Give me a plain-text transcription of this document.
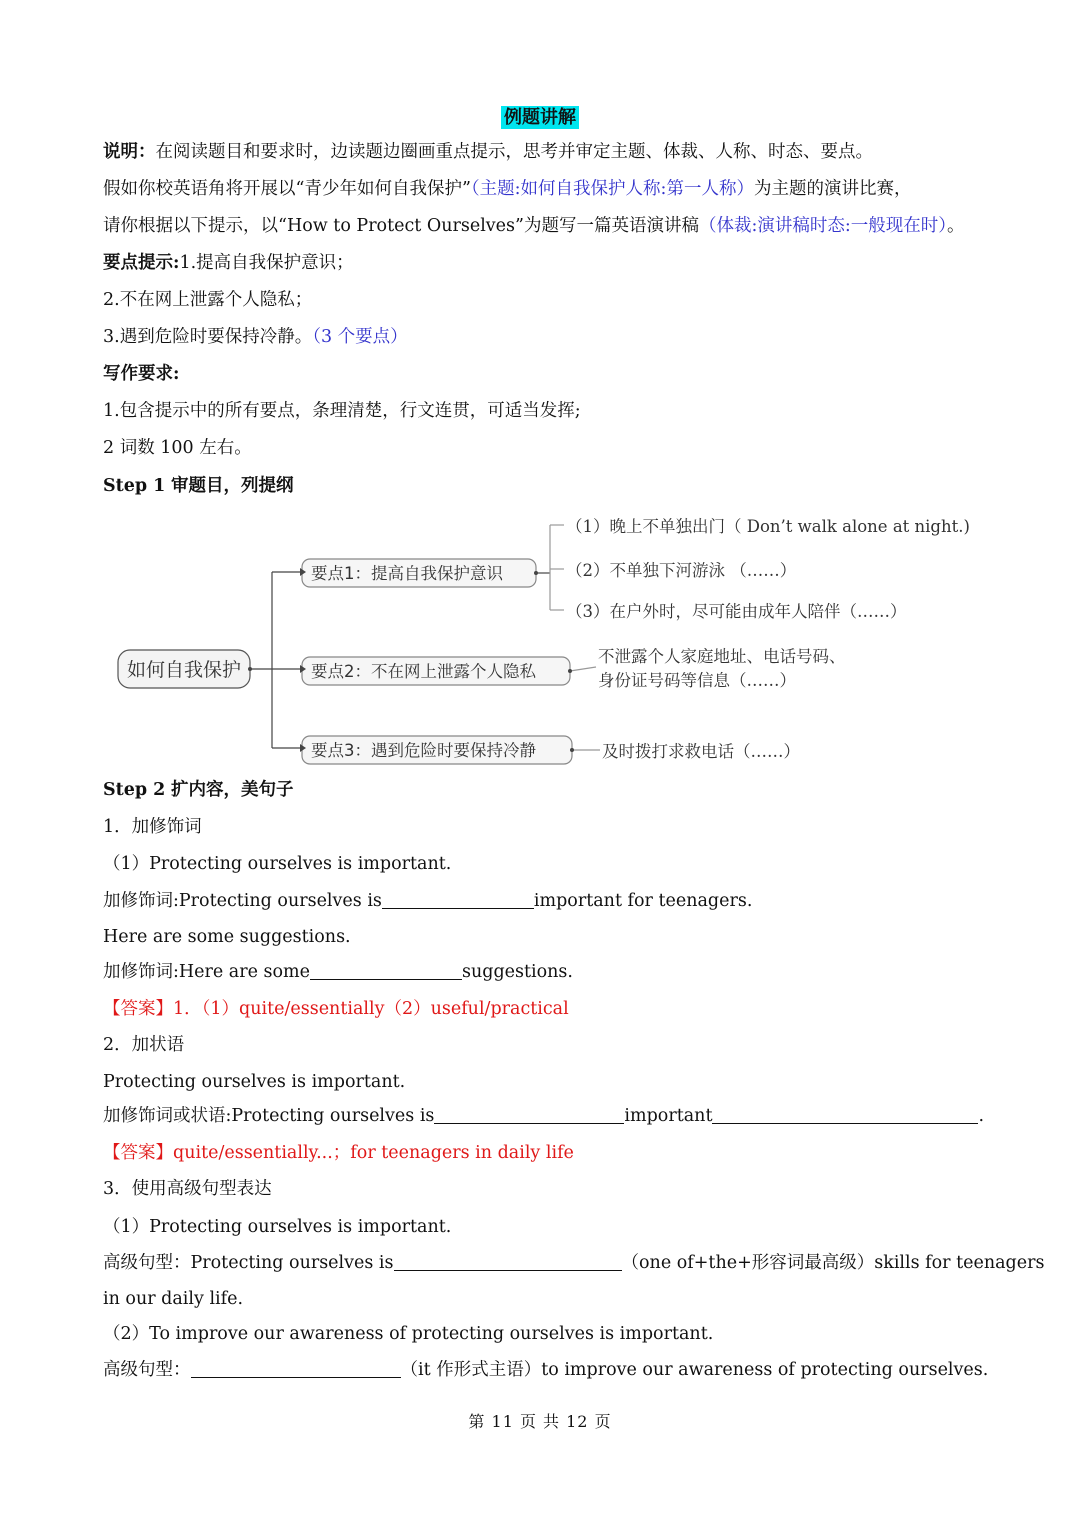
例题讲解
说明：在阅读题目和要求时，边读题边圈画重点提示，思考并审定主题、体裁、人称、时态、要点。
假如你校英语角将开展以“青少年如何自我保护”（主题:如何自我保护人称:第一人称）为主题的演讲比赛，
请你根据以下提示，以“How to Protect Ourselves”为题写一篇英语演讲稿（体裁:演讲稿时态:一般现在时）。
要点提示:1.提高自我保护意识；
2.不在网上泄露个人隐私；
3.遇到危险时要保持冷静。（3 个要点）
写作要求:
1.包含提示中的所有要点，条理清楚，行文连贯，可适当发挥;
2 词数 100 左右。
Step 1 审题目，列提纲
如何自我保护
要点1：提高自我保护意识
要点2：不在网上泄露个人隐私
要点3：遇到危险时要保持冷静
（1）晚上不单独出门（ Don’t walk alone at night.)
（2）不单独下河游泳 （……）
（3）在户外时，尽可能由成年人陪伴（……）
不泄露个人家庭地址、电话号码、
身份证号码等信息（……）
及时拨打求救电话（……）
Step 2 扩内容，美句子
1．加修饰词
（1）Protecting ourselves is important.
加修饰词:Protecting ourselves is	important for teenagers.
Here are some suggestions.
加修饰词:Here are some	suggestions.
【答案】1．（1）quite/essentially（2）useful/practical
2．加状语
Protecting ourselves is important.
加修饰词或状语:Protecting ourselves is	important	.
【答案】quite/essentially...；for teenagers in daily life
3．使用高级句型表达
（1）Protecting ourselves is important.
高级句型：Protecting ourselves is	（one of+the+形容词最高级）skills for teenagers
in our daily life.
（2）To improve our awareness of protecting ourselves is important.
高级句型：	（it 作形式主语）to improve our awareness of protecting ourselves.
第 11 页 共 12 页
